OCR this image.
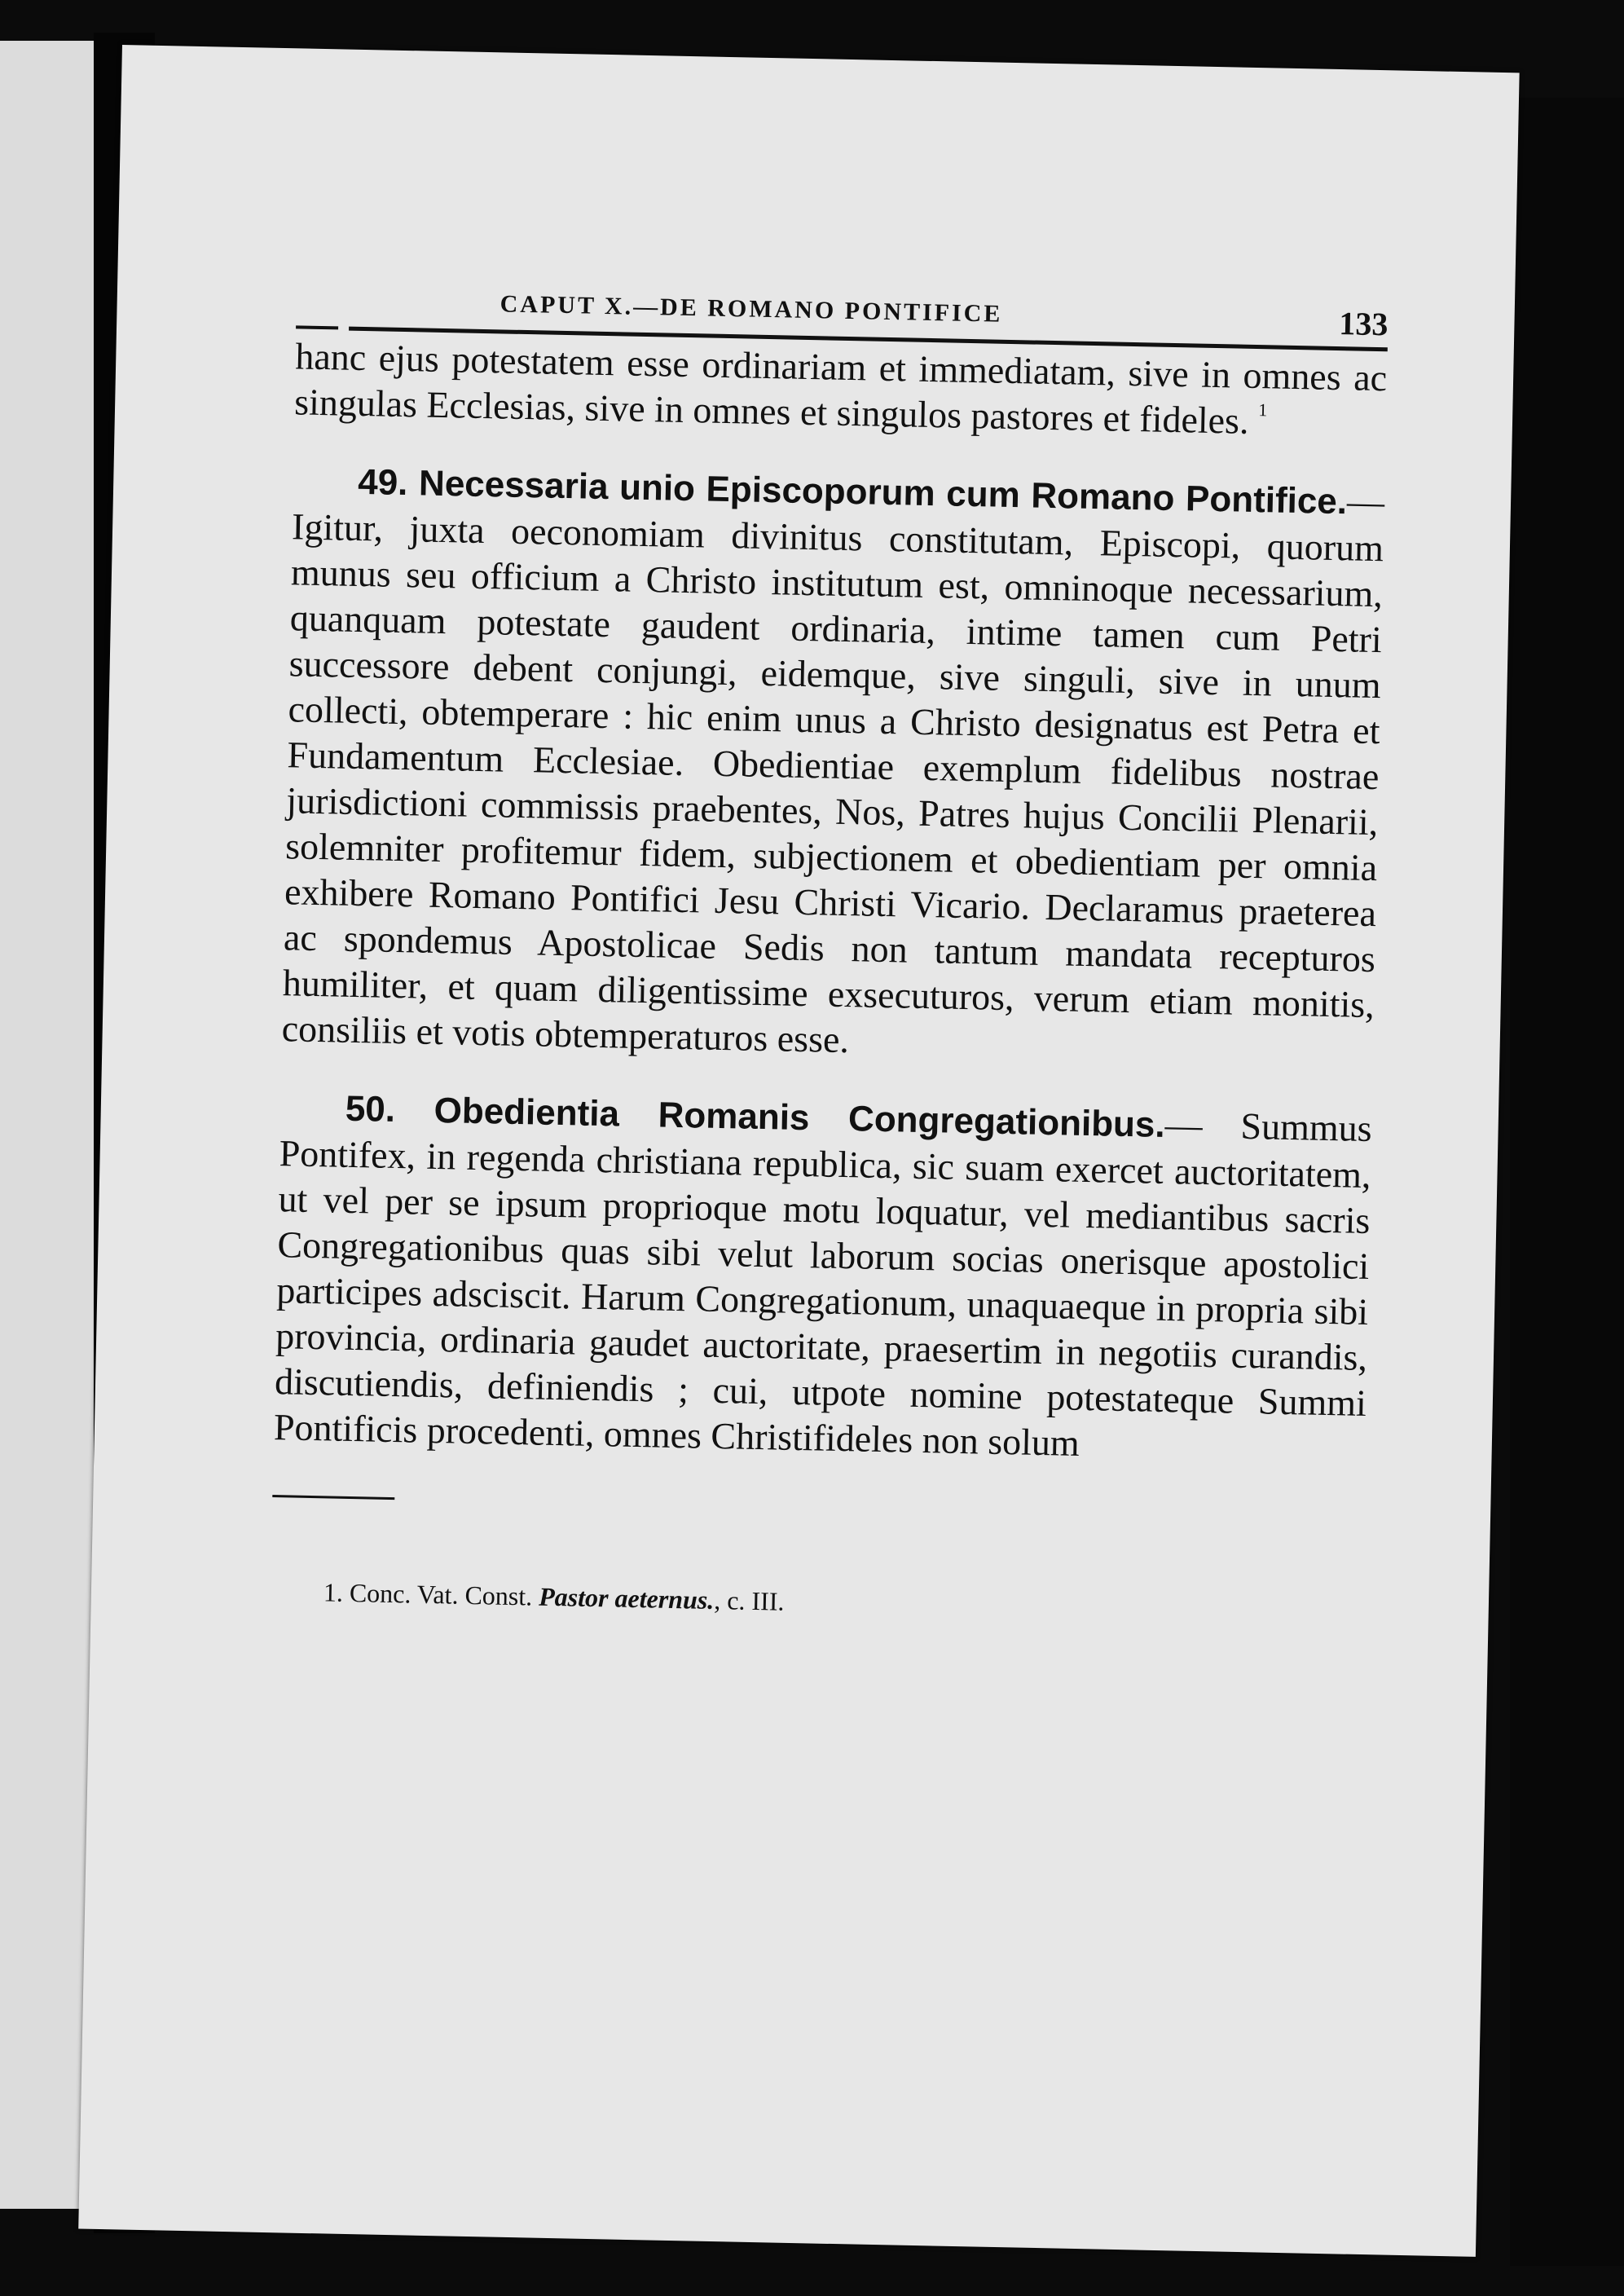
CAPUT X.—DE ROMANO PONTIFICE	133

hanc ejus potestatem esse ordinariam et immediatam, sive in omnes ac singulas Ecclesias, sive in omnes et singulos pastores et fideles. $^1$

49. Necessaria unio Episcoporum cum Romano Pontifice.—Igitur, juxta oeconomiam divinitus constitutam, Episcopi, quorum munus seu officium a Christo institutum est, omninoque necessarium, quanquam potestate gaudent ordinaria, intime tamen cum Petri successore debent conjungi, eidemque, sive singuli, sive in unum collecti, obtemperare : hic enim unus a Christo designatus est Petra et Fundamentum Ecclesiae. Obedientiae exemplum fidelibus nostrae jurisdictioni commissis praebentes, Nos, Patres hujus Concilii Plenarii, solemniter profitemur fidem, subjectionem et obedientiam per omnia exhibere Romano Pontifici Jesu Christi Vicario. Declaramus praeterea ac spondemus Apostolicae Sedis non tantum mandata recepturos humiliter, et quam diligentissime exsecuturos, verum etiam monitis, consiliis et votis obtemperaturos esse.

50. Obedientia Romanis Congregationibus.— Summus Pontifex, in regenda christiana republica, sic suam exercet auctoritatem, ut vel per se ipsum proprioque motu loquatur, vel mediantibus sacris Congregationibus quas sibi velut laborum socias onerisque apostolici participes adsciscit. Harum Congregationum, unaquaeque in propria sibi provincia, ordinaria gaudet auctoritate, praesertim in negotiis curandis, discutiendis, definiendis ; cui, utpote nomine potestateque Summi Pontificis procedenti, omnes Christifideles non solum

1. Conc. Vat. Const. Pastor aeternus., c. III.
